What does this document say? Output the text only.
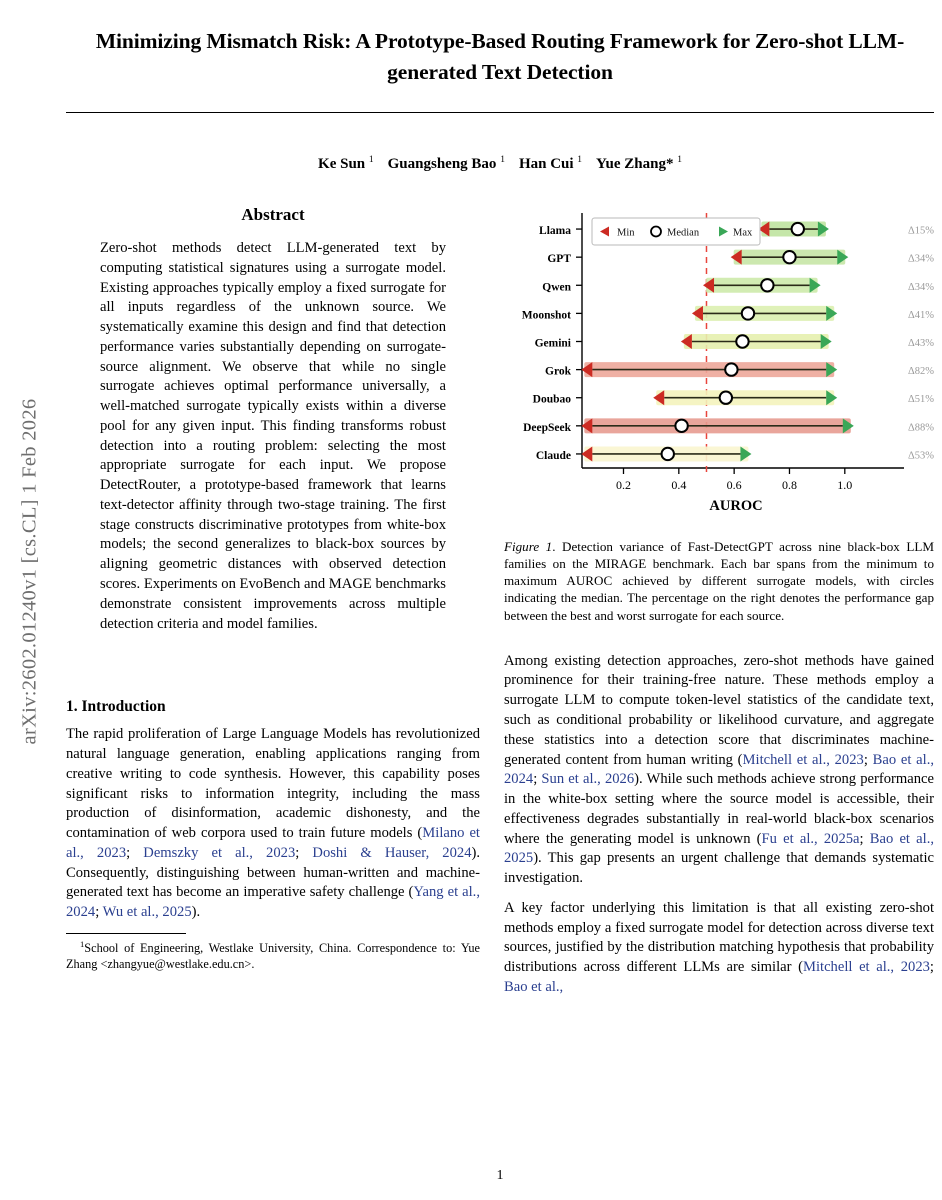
arXiv:2602.01240v1 [cs.CL] 1 Feb 2026
Minimizing Mismatch Risk: A Prototype-Based Routing Framework for Zero-shot LLM-generated Text Detection
Ke Sun $^1$ Guangsheng Bao $^1$ Han Cui $^1$ Yue Zhang* $^1$
Abstract
Zero-shot methods detect LLM-generated text by computing statistical signatures using a surrogate model. Existing approaches typically employ a fixed surrogate for all inputs regardless of the unknown source. We systematically examine this design and find that detection performance varies substantially depending on surrogate-source alignment. We observe that while no single surrogate achieves optimal performance universally, a well-matched surrogate typically exists within a diverse pool for any given input. This finding transforms robust detection into a routing problem: selecting the most appropriate surrogate for each input. We propose DetectRouter, a prototype-based framework that learns text-detector affinity through two-stage training. The first stage constructs discriminative prototypes from white-box models; the second generalizes to black-box sources by aligning geometric distances with observed detection scores. Experiments on EvoBench and MAGE benchmarks demonstrate consistent improvements across multiple detection criteria and model families.
1. Introduction

The rapid proliferation of Large Language Models has revolutionized natural language generation, enabling applications ranging from creative writing to code synthesis. However, this capability poses significant risks to information integrity, including the mass production of disinformation, academic dishonesty, and the contamination of web corpora used to train future models (Milano et al., 2023; Demszky et al., 2023; Doshi & Hauser, 2024). Consequently, distinguishing between human-written and machine-generated text has become an imperative safety challenge (Yang et al., 2024; Wu et al., 2025).

$^1$School of Engineering, Westlake University, China. Correspondence to: Yue Zhang <zhangyue@westlake.edu.cn>.
Llama	Δ15%
GPT	Δ34%
Qwen	Δ34%
Moonshot	Δ41%
Gemini	Δ43%
Grok	Δ82%
Doubao	Δ51%
DeepSeek	Δ88%
Claude	Δ53%
0.2	0.4	0.6	0.8	1.0
AUROC
Min	Median	Max
Figure 1. Detection variance of Fast-DetectGPT across nine black-box LLM families on the MIRAGE benchmark. Each bar spans from the minimum to maximum AUROC achieved by different surrogate models, with circles indicating the median. The percentage on the right denotes the performance gap between the best and worst surrogate for each source.

Among existing detection approaches, zero-shot methods have gained prominence for their training-free nature. These methods employ a surrogate LLM to compute token-level statistics of the candidate text, such as conditional probability or likelihood curvature, and aggregate these statistics into a detection score that discriminates machine-generated content from human writing (Mitchell et al., 2023; Bao et al., 2024; Sun et al., 2026). While such methods achieve strong performance in the white-box setting where the source model is accessible, their effectiveness degrades substantially in real-world black-box scenarios where the generating model is unknown (Fu et al., 2025a; Bao et al., 2025). This gap presents an urgent challenge that demands systematic investigation.

A key factor underlying this limitation is that all existing zero-shot methods employ a fixed surrogate model for detection across diverse text sources, justified by the distribution matching hypothesis that probability distributions across different LLMs are similar (Mitchell et al., 2023; Bao et al.,

1
